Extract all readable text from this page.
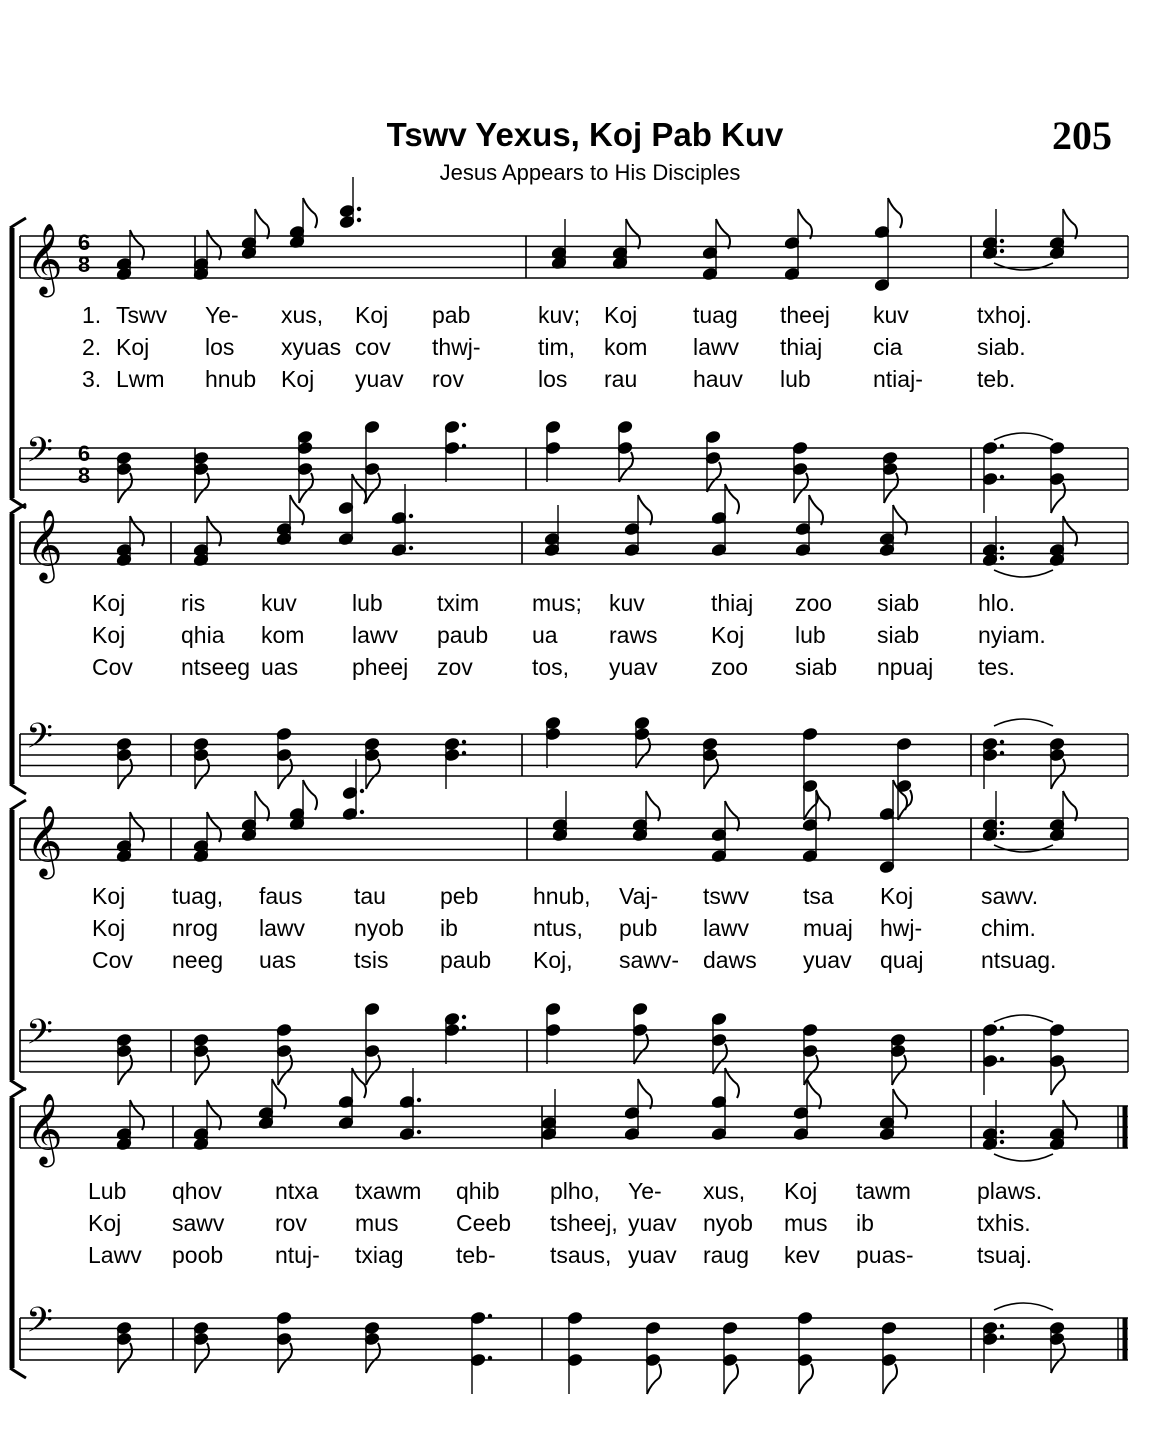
Tswv Yexus, Koj Pab Kuv
Jesus Appears to His Disciples
205
6
8
6
8
𝄞
𝄢
𝄞
𝄢
𝄞
𝄢
𝄞
𝄢
Tswv Ye- xus, Koj pab	kuv; Koj tuag theej kuv	txhoj.
Koj los xyuas cov thwj- tim, kom lawv thiaj cia	siab.
Lwm hnub Koj yuav rov	los rau hauv lub	ntiaj- teb.
Koj ris kuv lub txim mus; kuv	thiaj zoo siab	hlo.
Koj qhia kom lawv paub ua raws Koj lub siab	nyiam.
Cov ntseeg uas pheej zov	tos, yuav zoo siab npuaj tes.
Koj tuag, faus tau peb hnub, Vaj- tswv tsa Koj	sawv.
Koj nrog lawv nyob ib	ntus, pub lawv muaj hwj-	chim.
Cov neeg uas	tsis paub Koj, sawv- daws yuav quaj	ntsuag.
Lub qhov ntxa txawm qhib plho, Ye- xus, Koj tawm	plaws.
Koj sawv rov mus	Ceeb tsheej, yuav nyob mus ib	txhis.
Lawv poob ntuj- txiag teb- tsaus, yuav raug kev puas-	tsuaj.
1.
2.
3.
